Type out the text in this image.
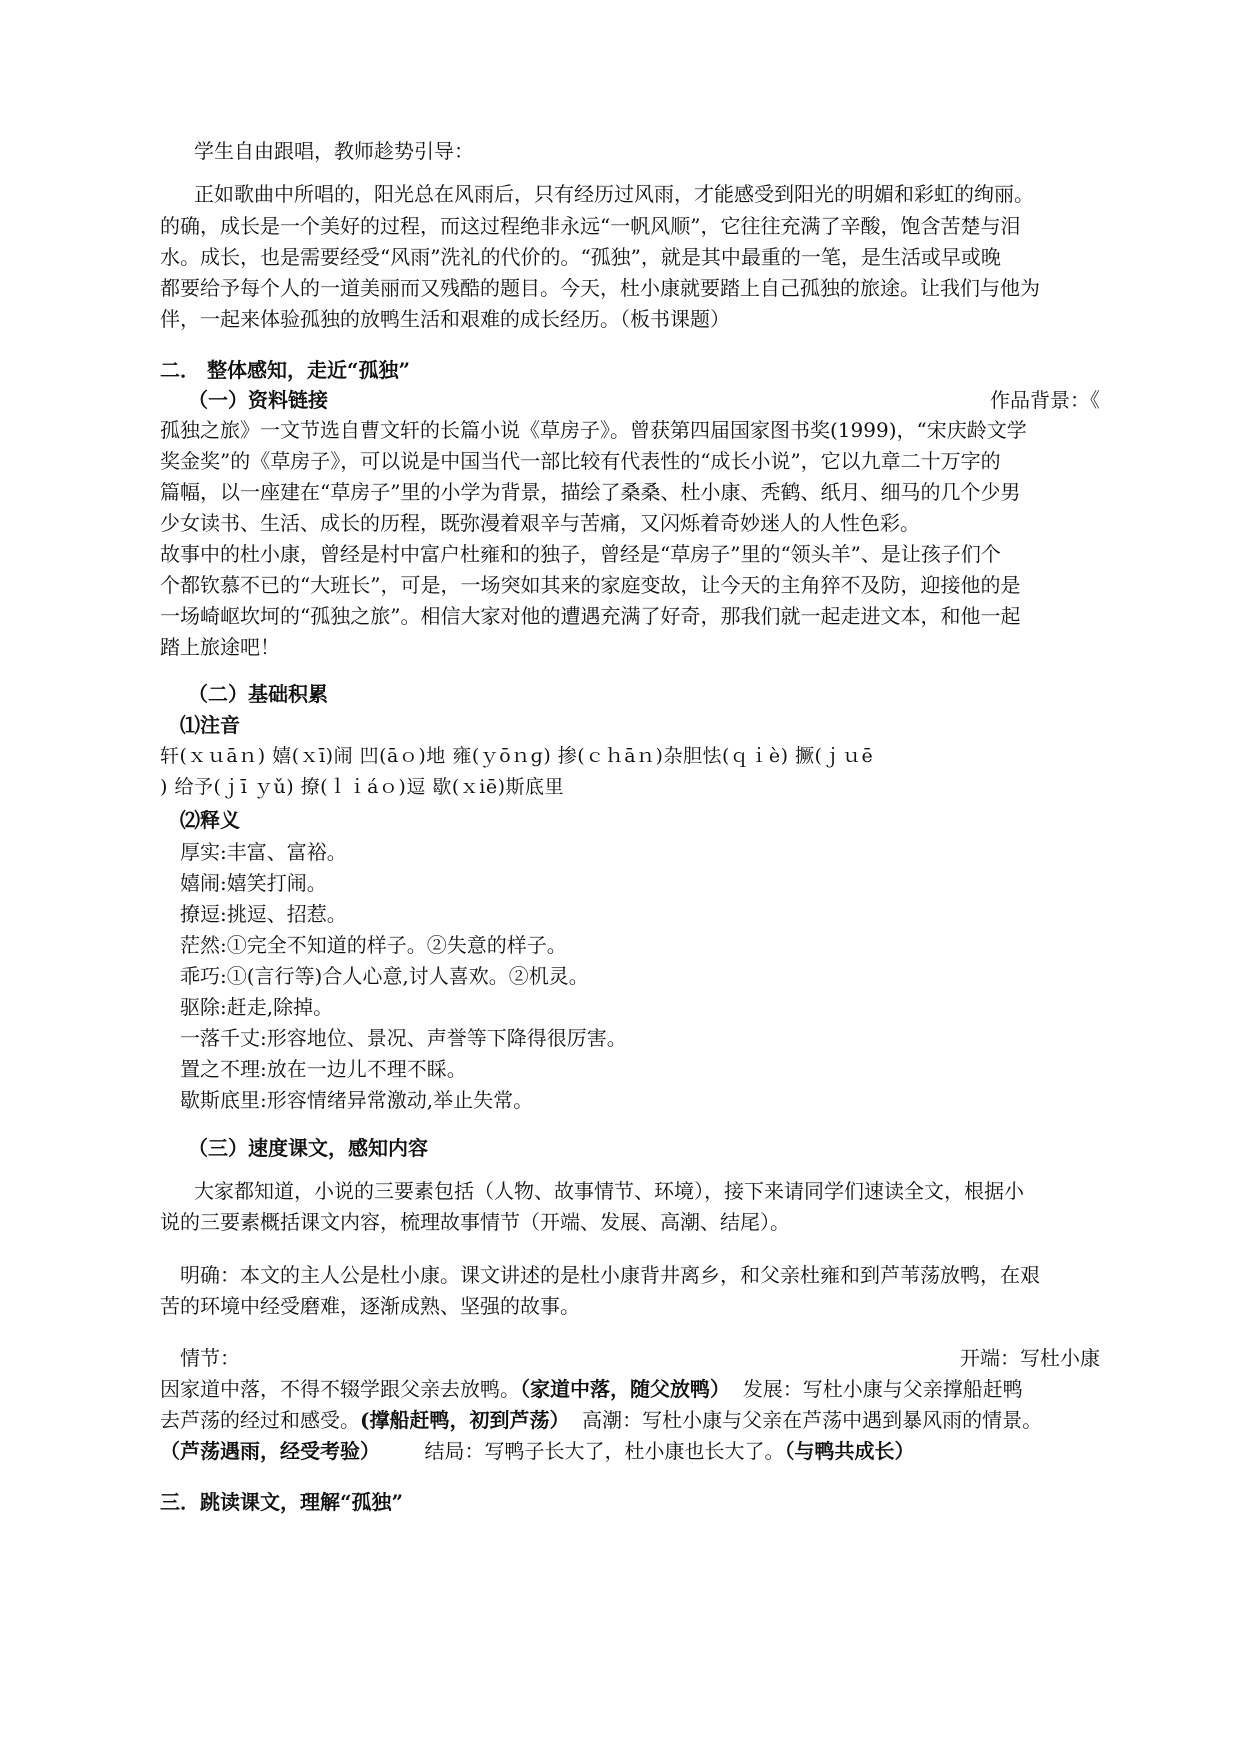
学生自由跟唱，教师趁势引导：
正如歌曲中所唱的，阳光总在风雨后，只有经历过风雨，才能感受到阳光的明媚和彩虹的绚丽。
的确，成长是一个美好的过程，而这过程绝非永远“一帆风顺”，它往往充满了辛酸，饱含苦楚与泪
水。成长，也是需要经受“风雨”洗礼的代价的。“孤独”，就是其中最重的一笔，是生活或早或晚
都要给予每个人的一道美丽而又残酷的题目。今天，杜小康就要踏上自己孤独的旅途。让我们与他为
伴，一起来体验孤独的放鸭生活和艰难的成长经历。（板书课题）
二． 整体感知，走近“孤独”
（一）资料链接	作品背景：《
孤独之旅》一文节选自曹文轩的长篇小说《草房子》。曾获第四届国家图书奖(1999)，“宋庆龄文学
奖金奖”的《草房子》，可以说是中国当代一部比较有代表性的“成长小说”，它以九章二十万字的
篇幅，以一座建在“草房子”里的小学为背景，描绘了桑桑、杜小康、秃鹤、纸月、细马的几个少男
少女读书、生活、成长的历程，既弥漫着艰辛与苦痛，又闪烁着奇妙迷人的人性色彩。
故事中的杜小康，曾经是村中富户杜雍和的独子，曾经是“草房子”里的“领头羊”、是让孩子们个
个都钦慕不已的“大班长”，可是，一场突如其来的家庭变故，让今天的主角猝不及防，迎接他的是
一场崎岖坎坷的“孤独之旅”。相信大家对他的遭遇充满了好奇，那我们就一起走进文本，和他一起
踏上旅途吧！
（二）基础积累
⑴注音
轩(ｘｕāｎ) 嬉(ｘī)闹 凹(āｏ)地 雍(ｙōｎɡ) 掺(ｃｈāｎ)杂胆怯(ｑｉè) 撅(ｊｕē
) 给予(ｊī ｙǔ) 撩(ｌｉáｏ)逗 歇(ｘiē)斯底里
⑵释义
厚实:丰富、富裕。
嬉闹:嬉笑打闹。
撩逗:挑逗、招惹。
茫然:①完全不知道的样子。②失意的样子。
乖巧:①(言行等)合人心意,讨人喜欢。②机灵。
驱除:赶走,除掉。
一落千丈:形容地位、景况、声誉等下降得很厉害。
置之不理:放在一边儿不理不睬。
歇斯底里:形容情绪异常激动,举止失常。
（三）速度课文，感知内容
大家都知道，小说的三要素包括（人物、故事情节、环境），接下来请同学们速读全文，根据小
说的三要素概括课文内容，梳理故事情节（开端、发展、高潮、结尾）。
明确：本文的主人公是杜小康。课文讲述的是杜小康背井离乡，和父亲杜雍和到芦苇荡放鸭，在艰
苦的环境中经受磨难，逐渐成熟、坚强的故事。
情节：	开端：写杜小康
因家道中落，不得不辍学跟父亲去放鸭。（家道中落，随父放鸭）  发展：写杜小康与父亲撑船赶鸭
去芦荡的经过和感受。(撑船赶鸭，初到芦荡）  高潮：写杜小康与父亲在芦荡中遇到暴风雨的情景。
（芦荡遇雨，经受考验）       结局：写鸭子长大了，杜小康也长大了。（与鸭共成长）
三．跳读课文，理解“孤独”
